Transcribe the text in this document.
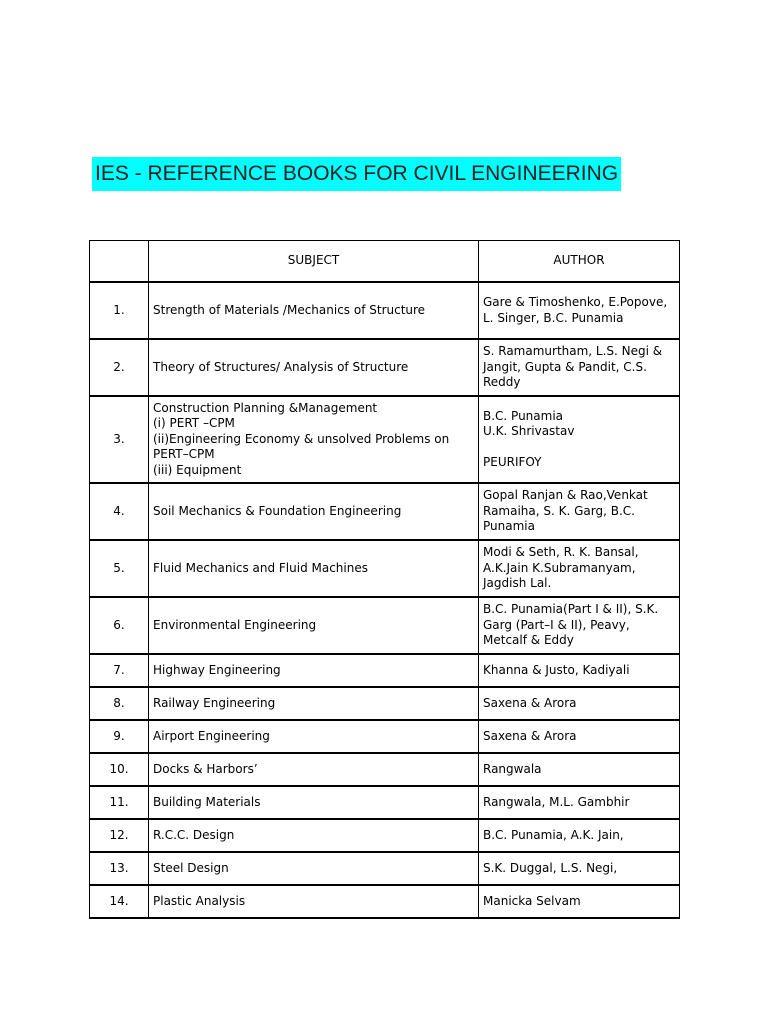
IES - REFERENCE BOOKS FOR CIVIL ENGINEERING
	SUBJECT	AUTHOR
1.	Strength of Materials /Mechanics of Structure	Gare & Timoshenko, E.Popove, L. Singer, B.C. Punamia
2.	Theory of Structures/ Analysis of Structure	S. Ramamurtham, L.S. Negi & Jangit, Gupta & Pandit, C.S. Reddy
3.	Construction Planning &Management
(i) PERT –CPM
(ii)Engineering Economy & unsolved Problems on
PERT–CPM
(iii) Equipment	B.C. Punamia
U.K. Shrivastav
PEURIFOY

4.	Soil Mechanics & Foundation Engineering	Gopal Ranjan & Rao,Venkat Ramaiha, S. K. Garg, B.C. Punamia
5.	Fluid Mechanics and Fluid Machines	Modi & Seth, R. K. Bansal, A.K.Jain K.Subramanyam, Jagdish Lal.
6.	Environmental Engineering	B.C. Punamia(Part I & II), S.K. Garg (Part–I & II), Peavy, Metcalf & Eddy
7.	Highway Engineering	Khanna & Justo, Kadiyali
8.	Railway Engineering	Saxena & Arora
9.	Airport Engineering	Saxena & Arora
10.	Docks & Harbors’	Rangwala
11.	Building Materials	Rangwala, M.L. Gambhir
12.	R.C.C. Design	B.C. Punamia, A.K. Jain,
13.	Steel Design	S.K. Duggal, L.S. Negi,
14.	Plastic Analysis	Manicka Selvam
